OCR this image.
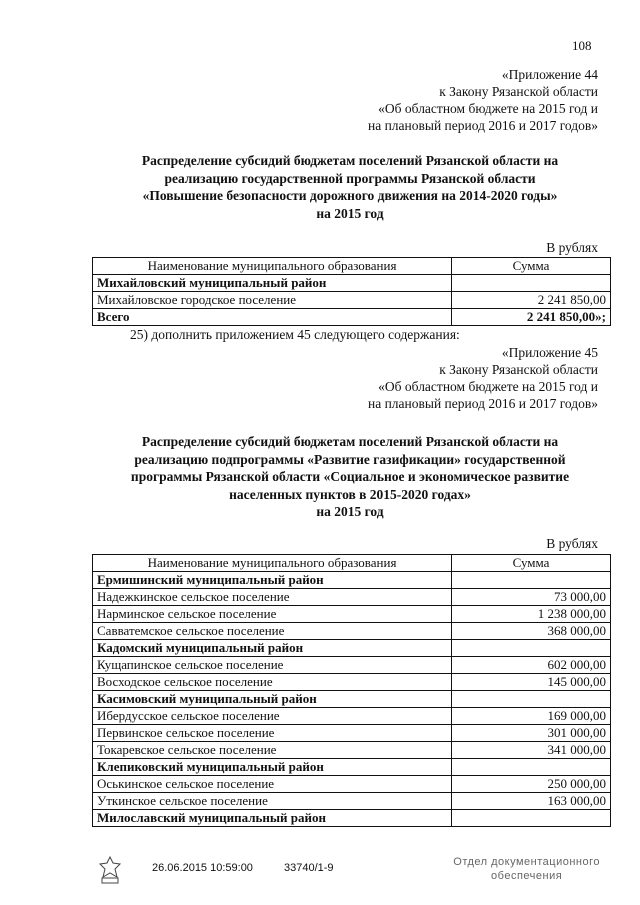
108
«Приложение 44
к Закону Рязанской области
«Об областном бюджете на 2015 год и
на плановый период 2016 и 2017 годов»
Распределение субсидий бюджетам поселений Рязанской области на
реализацию государственной программы Рязанской области
«Повышение безопасности дорожного движения на 2014-2020 годы»
на 2015 год
В рублях
Наименование муниципального образования	Сумма
Михайловский муниципальный район	
Михайловское городское поселение	2 241 850,00
Всего	2 241 850,00»;
25) дополнить приложением 45 следующего содержания:
«Приложение 45
к Закону Рязанской области
«Об областном бюджете на 2015 год и
на плановый период 2016 и 2017 годов»
Распределение субсидий бюджетам поселений Рязанской области на
реализацию подпрограммы «Развитие газификации» государственной
программы Рязанской области «Социальное и экономическое развитие
населенных пунктов в 2015-2020 годах»
на 2015 год
В рублях
Наименование муниципального образования	Сумма
Ермишинский муниципальный район	
Надежкинское сельское поселение	73 000,00
Нарминское сельское поселение	1 238 000,00
Савватемское сельское поселение	368 000,00
Кадомский муниципальный район	
Кущапинское сельское поселение	602 000,00
Восходское сельское поселение	145 000,00
Касимовский муниципальный район	
Ибердусское сельское поселение	169 000,00
Первинское сельское поселение	301 000,00
Токаревское сельское поселение	341 000,00
Клепиковский муниципальный район	
Оськинское сельское поселение	250 000,00
Уткинское сельское поселение	163 000,00
Милославский муниципальный район	
26.06.2015 10:59:00	33740/1-9	Отдел документационного
обеспечения
